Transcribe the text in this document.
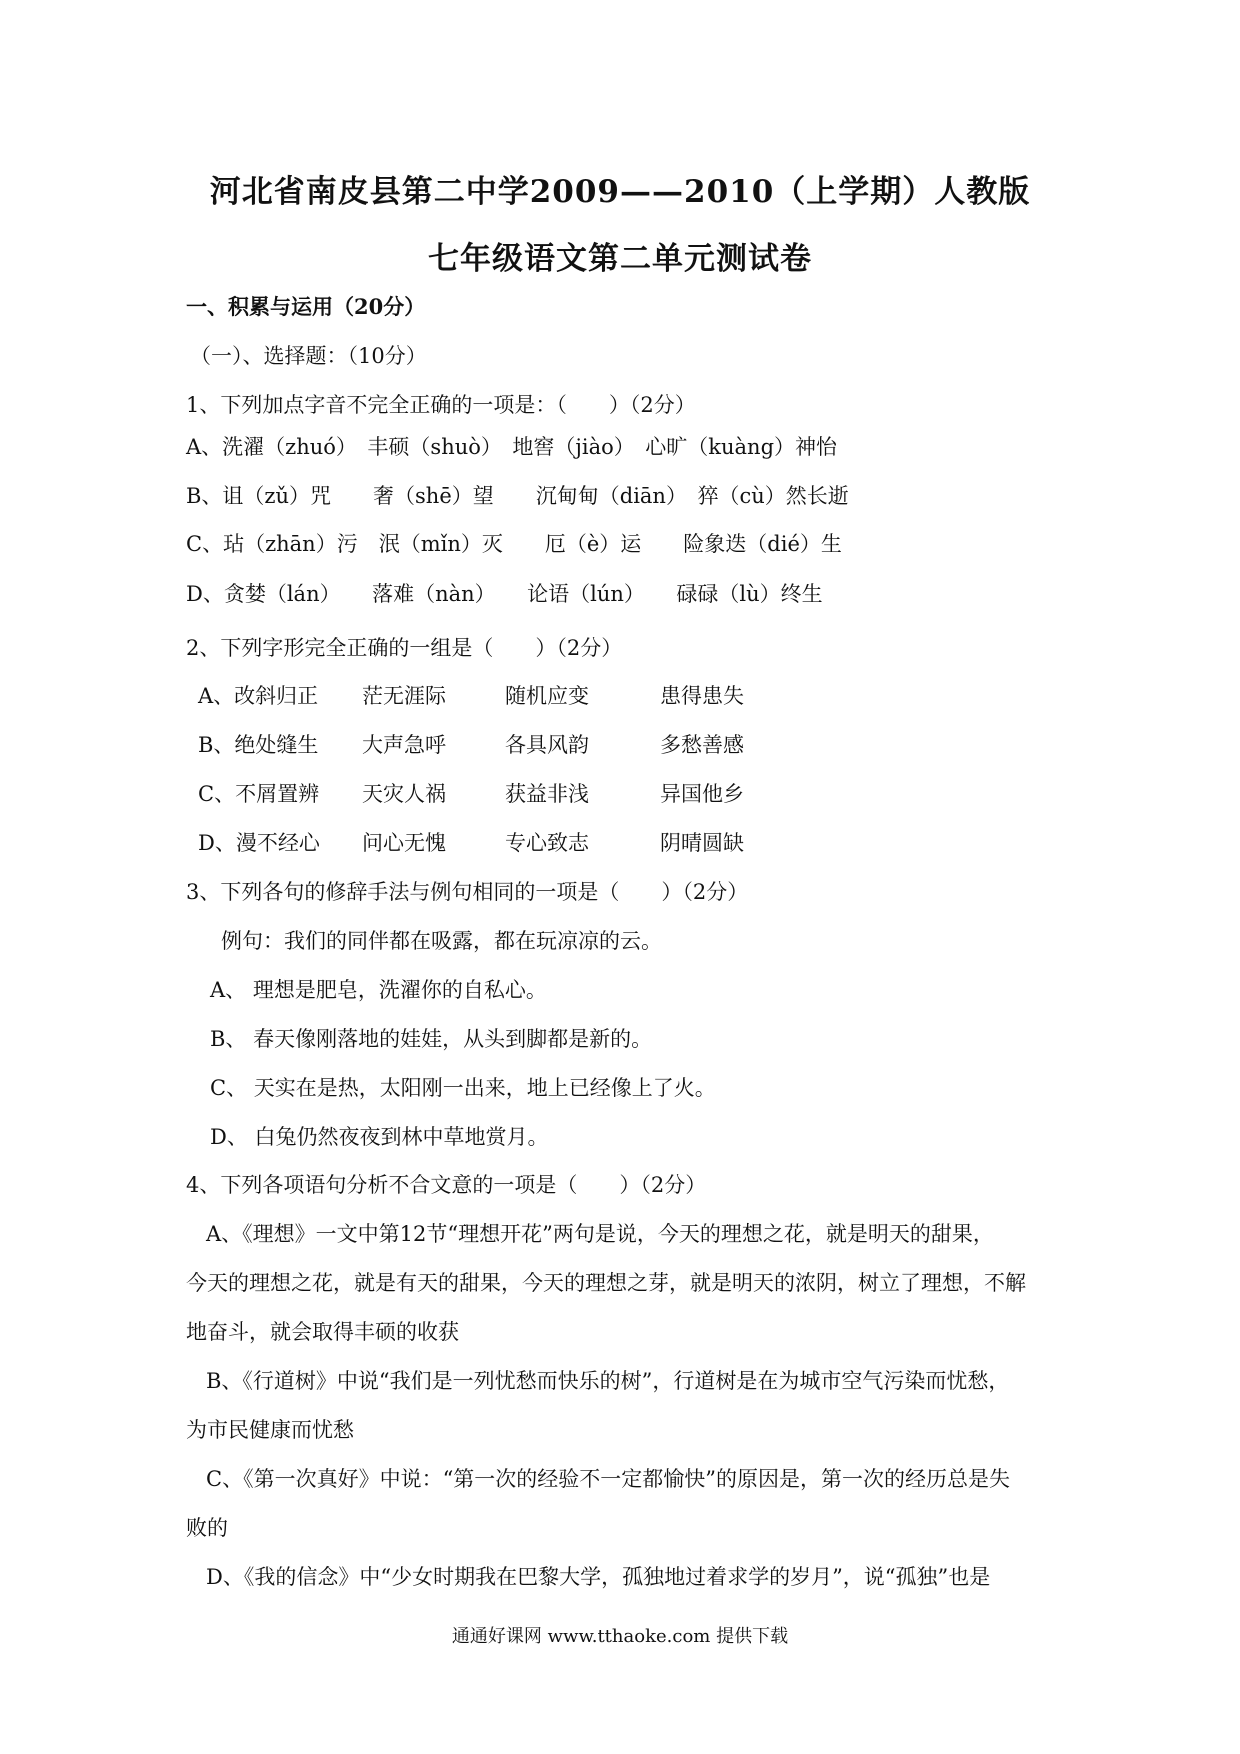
河北省南皮县第二中学2009——2010（上学期）人教版
七年级语文第二单元测试卷
一、积累与运用（20分）
（一）、选择题：（10分）
1、下列加点字音不完全正确的一项是：（　　）（2分）
A、洗濯（zhuó）　丰硕（shuò）　地窖（jiào）　心旷（kuàng）神怡
B、诅（zǔ）咒　　奢（shē）望　　沉甸甸（diān）　猝（cù）然长逝
C、玷（zhān）污　泯（mǐn）灭　　厄（è）运　　险象迭（dié）生
D、贪婪（lán）　　落难（nàn）　　论语（lún）　　碌碌（lù）终生
2、下列字形完全正确的一组是（　　）（2分）
A、改斜归正 茫无涯际	随机应变	患得患失
B、绝处缝生 大声急呼	各具风韵	多愁善感
C、不屑置辨 天灾人祸	获益非浅	异国他乡
D、漫不经心 问心无愧	专心致志	阴晴圆缺
3、下列各句的修辞手法与例句相同的一项是（　　）（2分）
例句：我们的同伴都在吸露，都在玩凉凉的云。
A、 理想是肥皂，洗濯你的自私心。
B、 春天像刚落地的娃娃，从头到脚都是新的。
C、 天实在是热，太阳刚一出来，地上已经像上了火。
D、 白兔仍然夜夜到林中草地赏月。
4、下列各项语句分析不合文意的一项是（　　）（2分）
A、《理想》一文中第12节“理想开花”两句是说，今天的理想之花，就是明天的甜果，
今天的理想之花，就是有天的甜果，今天的理想之芽，就是明天的浓阴，树立了理想，不解
地奋斗，就会取得丰硕的收获
B、《行道树》中说“我们是一列忧愁而快乐的树”，行道树是在为城市空气污染而忧愁，
为市民健康而忧愁
C、《第一次真好》中说：“第一次的经验不一定都愉快”的原因是，第一次的经历总是失
败的
D、《我的信念》中“少女时期我在巴黎大学，孤独地过着求学的岁月”，说“孤独”也是
通通好课网 www.tthaoke.com 提供下载
